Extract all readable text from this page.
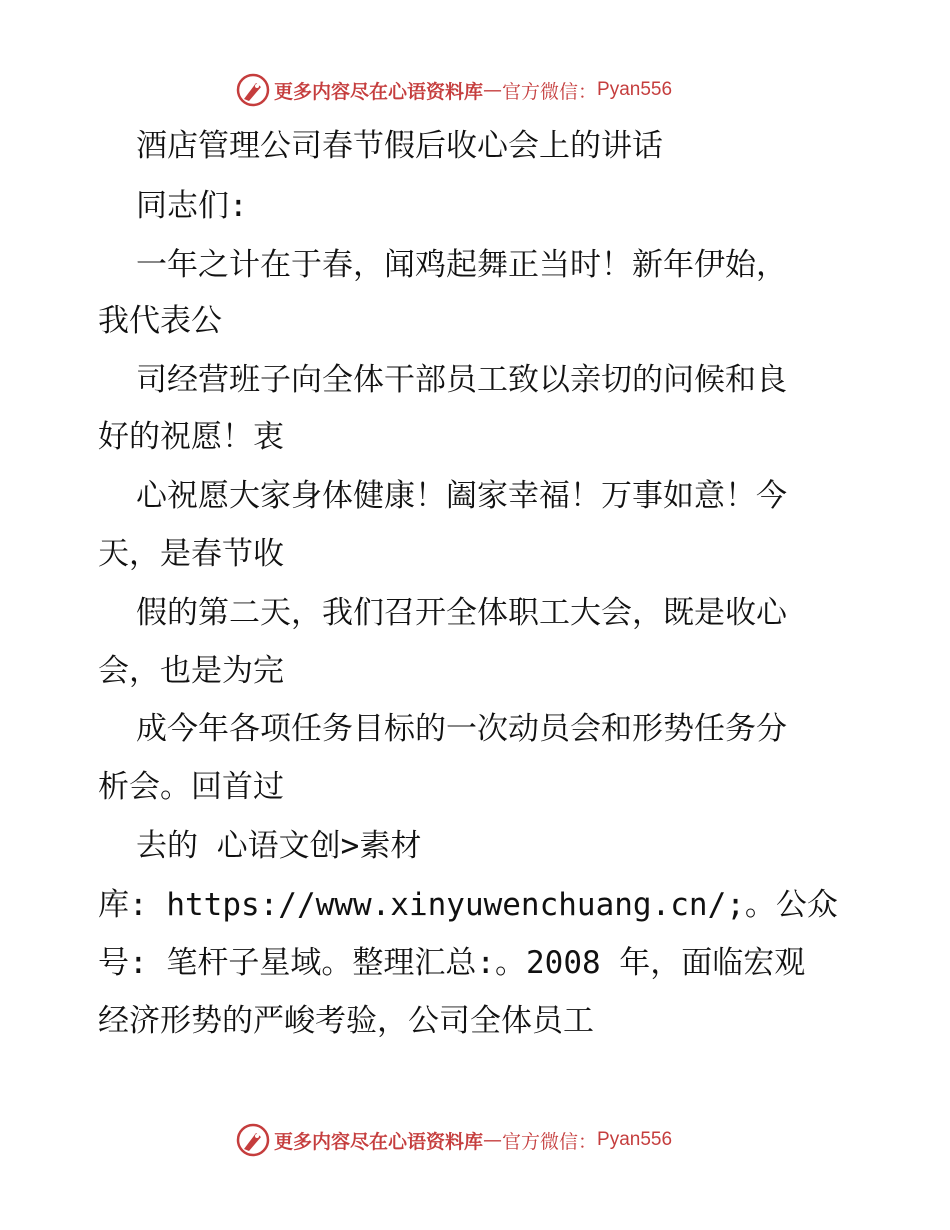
更多内容尽在心语资料库 — 官方微信： Pyan556
酒店管理公司春节假后收心会上的讲话
同志们:
一年之计在于春，闻鸡起舞正当时！新年伊始，
我代表公
司经营班子向全体干部员工致以亲切的问候和良
好的祝愿！衷
心祝愿大家身体健康！阖家幸福！万事如意！今
天，是春节收
假的第二天，我们召开全体职工大会，既是收心
会，也是为完
成今年各项任务目标的一次动员会和形势任务分
析会。回首过
去的 心语文创>素材
库: https://www.xinyuwenchuang.cn/;。公众
号: 笔杆子星域。整理汇总:。2008 年，面临宏观
经济形势的严峻考验，公司全体员工
更多内容尽在心语资料库 — 官方微信： Pyan556
